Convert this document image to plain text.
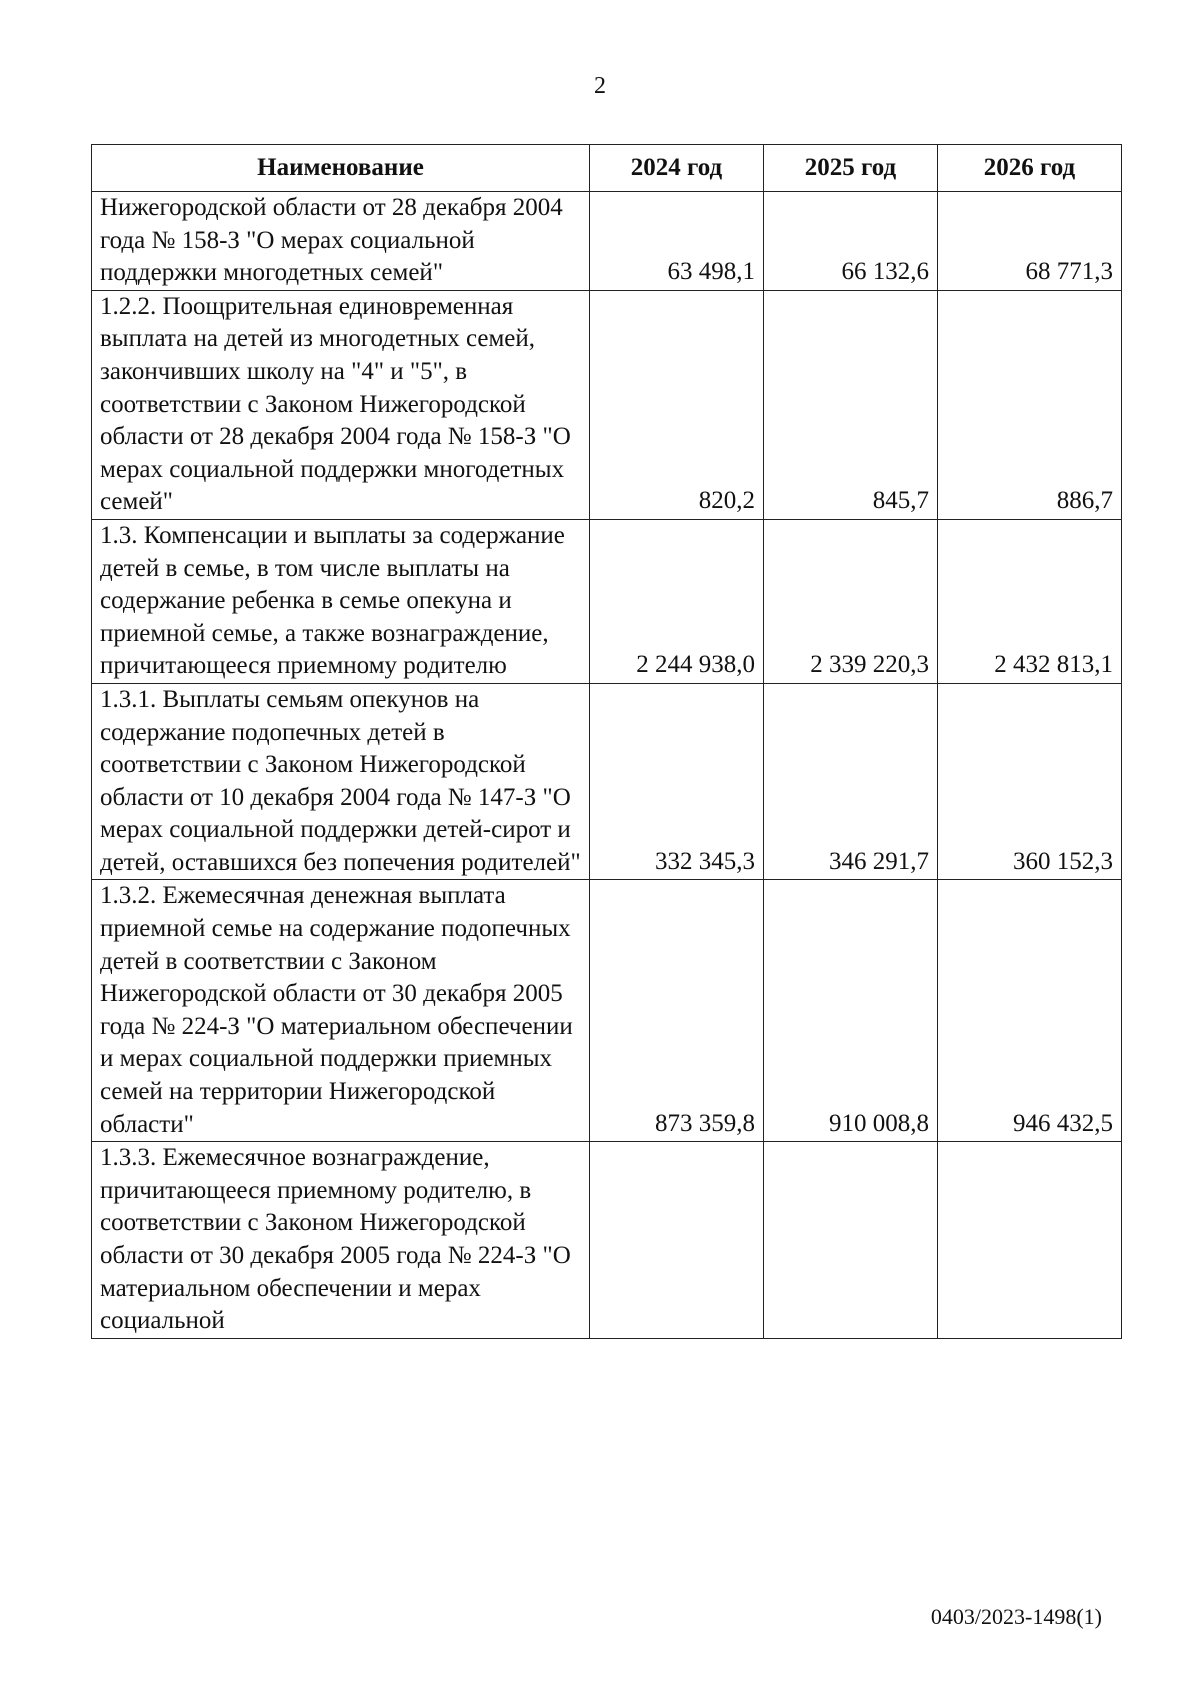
2
Наименование	2024 год	2025 год	2026 год
Нижегородской области от 28 декабря 2004 года № 158-З "О мерах социальной поддержки многодетных семей"	63 498,1	66 132,6	68 771,3
1.2.2. Поощрительная единовременная выплата на детей из многодетных семей, закончивших школу на "4" и "5", в соответствии с Законом Нижегородской области от 28 декабря 2004 года № 158-З "О мерах социальной поддержки многодетных семей"	820,2	845,7	886,7
1.3. Компенсации и выплаты за содержание детей в семье, в том числе выплаты на содержание ребенка в семье опекуна и приемной семье, а также вознаграждение, причитающееся приемному родителю	2 244 938,0	2 339 220,3	2 432 813,1
1.3.1. Выплаты семьям опекунов на содержание подопечных детей в соответствии с Законом Нижегородской области от 10 декабря 2004 года № 147-З "О мерах социальной поддержки детей-сирот и детей, оставшихся без попечения родителей"	332 345,3	346 291,7	360 152,3
1.3.2. Ежемесячная денежная выплата приемной семье на содержание подопечных детей в соответствии с Законом Нижегородской области от 30 декабря 2005 года № 224-З "О материальном обеспечении и мерах социальной поддержки приемных семей на территории Нижегородской области"	873 359,8	910 008,8	946 432,5
1.3.3. Ежемесячное вознаграждение, причитающееся приемному родителю, в соответствии с Законом Нижегородской области от 30 декабря 2005 года № 224-З "О материальном обеспечении и мерах социальной			
0403/2023-1498(1)
